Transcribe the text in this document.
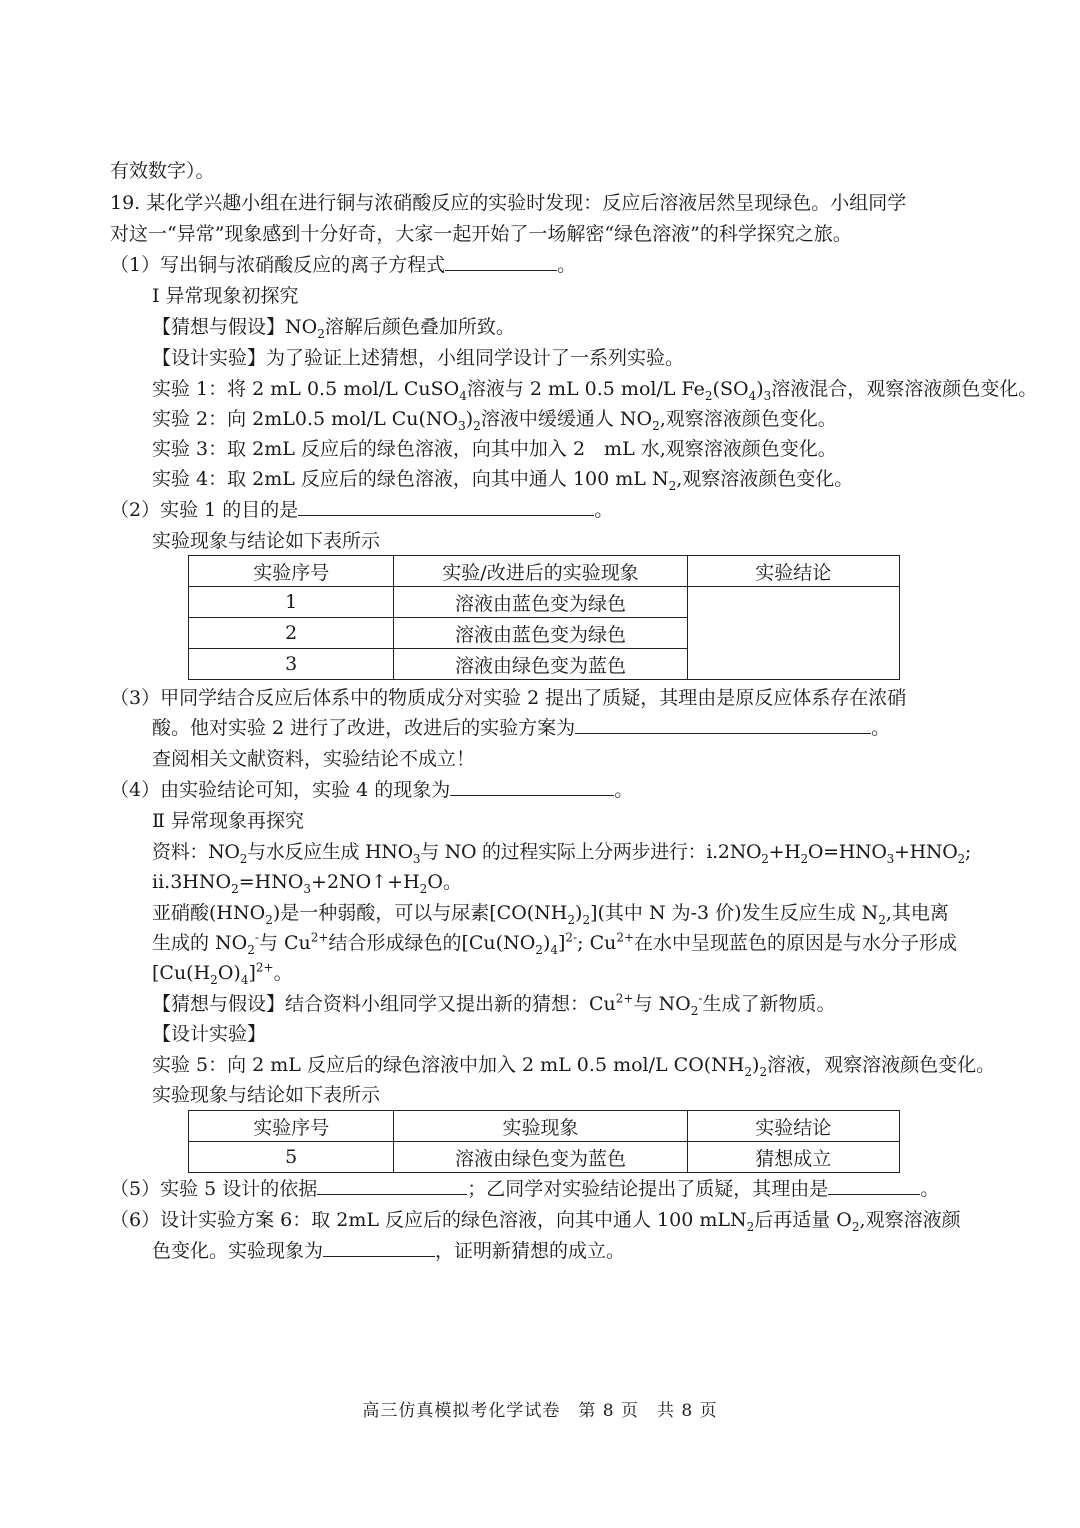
有效数字）。
19. 某化学兴趣小组在进行铜与浓硝酸反应的实验时发现：反应后溶液居然呈现绿色。小组同学
对这一“异常”现象感到十分好奇，大家一起开始了一场解密“绿色溶液”的科学探究之旅。
（1）写出铜与浓硝酸反应的离子方程式	。
Ⅰ 异常现象初探究
【猜想与假设】$NO_2$溶解后颜色叠加所致。
【设计实验】为了验证上述猜想，小组同学设计了一系列实验。
实验 1：将 2 mL 0.5 mol/L CuSO$_4$溶液与 2 mL 0.5 mol/L $Fe_2(SO_4)_3$溶液混合，观察溶液颜色变化。
实验 2：向 2mL0.5 mol/L $Cu(NO_3)_2$溶液中缓缓通人 $NO_2$,观察溶液颜色变化。
实验 3：取 2mL 反应后的绿色溶液，向其中加入 2　mL 水,观察溶液颜色变化。
实验 4：取 2mL 反应后的绿色溶液，向其中通人 100 mL $N_2$,观察溶液颜色变化。
（2）实验 1 的目的是	。
实验现象与结论如下表所示
实验序号	实验/改进后的实验现象	实验结论
1	溶液由蓝色变为绿色	
2	溶液由蓝色变为绿色	
3	溶液由绿色变为蓝色	
（3）甲同学结合反应后体系中的物质成分对实验 2 提出了质疑，其理由是原反应体系存在浓硝
酸。他对实验 2 进行了改进，改进后的实验方案为	。
查阅相关文献资料，实验结论不成立！
（4）由实验结论可知，实验 4 的现象为	。
Ⅱ 异常现象再探究
资料：$NO_2$与水反应生成 $HNO_3$与 NO 的过程实际上分两步进行：$i.2NO_2+H_2O=HNO_3+HNO_2$;
$ii.3HNO_2=HNO_3+2NO↑+H_2O$。
亚硝酸$(HNO_2)$是一种弱酸，可以与尿素$[CO(NH_2)_2]$(其中 N 为-3 价)发生反应生成 $N_2$,其电离
生成的 $NO_2^-$与 $Cu^{2+}$结合形成绿色的$[Cu(NO_2)_4]^{2-}$; $Cu^{2+}$在水中呈现蓝色的原因是与水分子形成
$[Cu(H_2O)_4]^{2+}$。
【猜想与假设】结合资料小组同学又提出新的猜想：$Cu^{2+}$与 $NO_2^-$生成了新物质。
【设计实验】
实验 5：向 2 mL 反应后的绿色溶液中加入 2 mL 0.5 mol/L $CO(NH_2)_2$溶液，观察溶液颜色变化。
实验现象与结论如下表所示
实验序号	实验现象	实验结论
5	溶液由绿色变为蓝色	猜想成立
（5）实验 5 设计的依据	；乙同学对实验结论提出了质疑，其理由是	。
（6）设计实验方案 6：取 2mL 反应后的绿色溶液，向其中通人 100 mLN$_2$后再适量 $O_2$,观察溶液颜
色变化。实验现象为	，证明新猜想的成立。
高三仿真模拟考化学试卷　第 8 页　共 8 页
